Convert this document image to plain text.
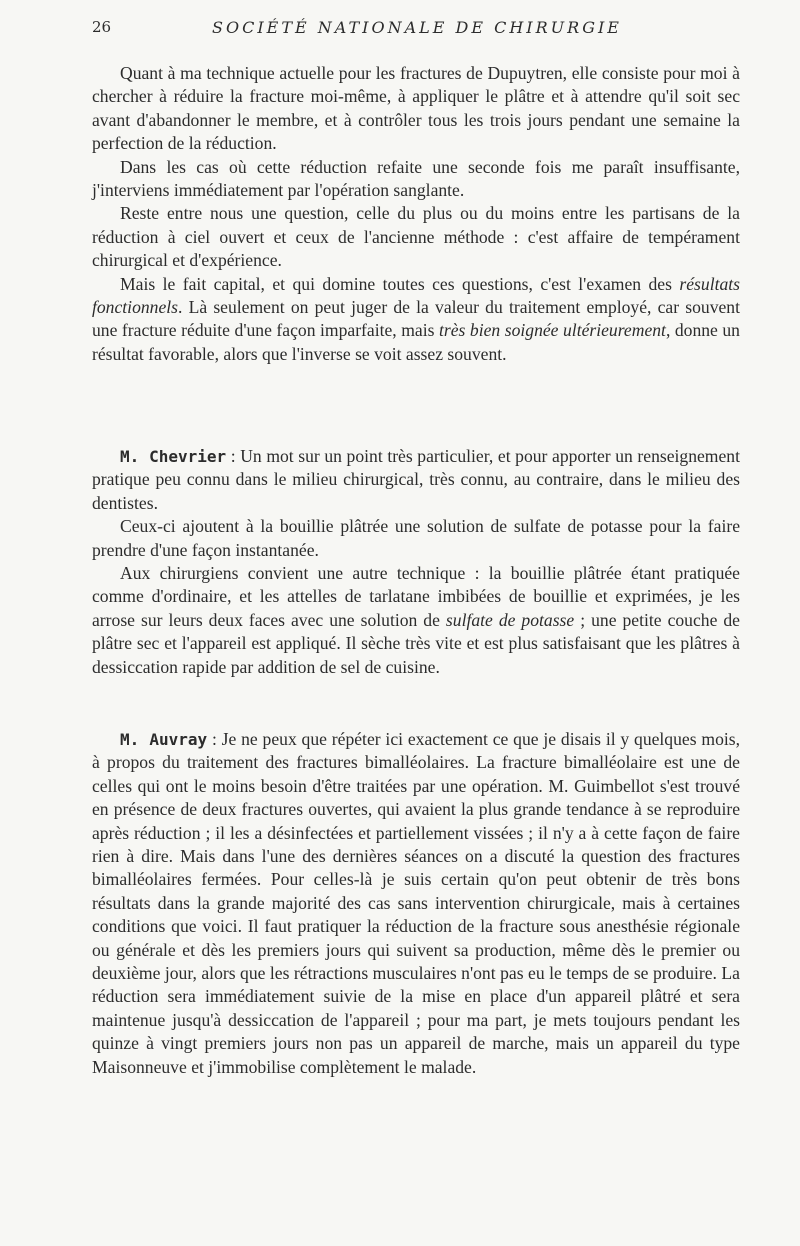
26	SOCIÉTÉ NATIONALE DE CHIRURGIE

Quant à ma technique actuelle pour les fractures de Dupuytren, elle consiste pour moi à chercher à réduire la fracture moi-même, à appliquer le plâtre et à attendre qu'il soit sec avant d'abandonner le membre, et à contrôler tous les trois jours pendant une semaine la perfection de la réduction.

Dans les cas où cette réduction refaite une seconde fois me paraît insuffisante, j'interviens immédiatement par l'opération sanglante.

Reste entre nous une question, celle du plus ou du moins entre les partisans de la réduction à ciel ouvert et ceux de l'ancienne méthode : c'est affaire de tempérament chirurgical et d'expérience.

Mais le fait capital, et qui domine toutes ces questions, c'est l'examen des résultats fonctionnels. Là seulement on peut juger de la valeur du traitement employé, car souvent une fracture réduite d'une façon imparfaite, mais très bien soignée ultérieurement, donne un résultat favorable, alors que l'inverse se voit assez souvent.

M. Chevrier : Un mot sur un point très particulier, et pour apporter un renseignement pratique peu connu dans le milieu chirurgical, très connu, au contraire, dans le milieu des dentistes.

Ceux-ci ajoutent à la bouillie plâtrée une solution de sulfate de potasse pour la faire prendre d'une façon instantanée.

Aux chirurgiens convient une autre technique : la bouillie plâtrée étant pratiquée comme d'ordinaire, et les attelles de tarlatane imbibées de bouillie et exprimées, je les arrose sur leurs deux faces avec une solution de sulfate de potasse ; une petite couche de plâtre sec et l'appareil est appliqué. Il sèche très vite et est plus satisfaisant que les plâtres à dessiccation rapide par addition de sel de cuisine.

M. Auvray : Je ne peux que répéter ici exactement ce que je disais il y quelques mois, à propos du traitement des fractures bimalléolaires. La fracture bimalléolaire est une de celles qui ont le moins besoin d'être traitées par une opération. M. Guimbellot s'est trouvé en présence de deux fractures ouvertes, qui avaient la plus grande tendance à se reproduire après réduction ; il les a désinfectées et partiellement vissées ; il n'y a à cette façon de faire rien à dire. Mais dans l'une des dernières séances on a discuté la question des fractures bimalléolaires fermées. Pour celles-là je suis certain qu'on peut obtenir de très bons résultats dans la grande majorité des cas sans intervention chirurgicale, mais à certaines conditions que voici. Il faut pratiquer la réduction de la fracture sous anesthésie régionale ou générale et dès les premiers jours qui suivent sa production, même dès le premier ou deuxième jour, alors que les rétractions musculaires n'ont pas eu le temps de se produire. La réduction sera immédiatement suivie de la mise en place d'un appareil plâtré et sera maintenue jusqu'à dessiccation de l'appareil ; pour ma part, je mets toujours pendant les quinze à vingt premiers jours non pas un appareil de marche, mais un appareil du type Maisonneuve et j'immobilise complètement le malade.
